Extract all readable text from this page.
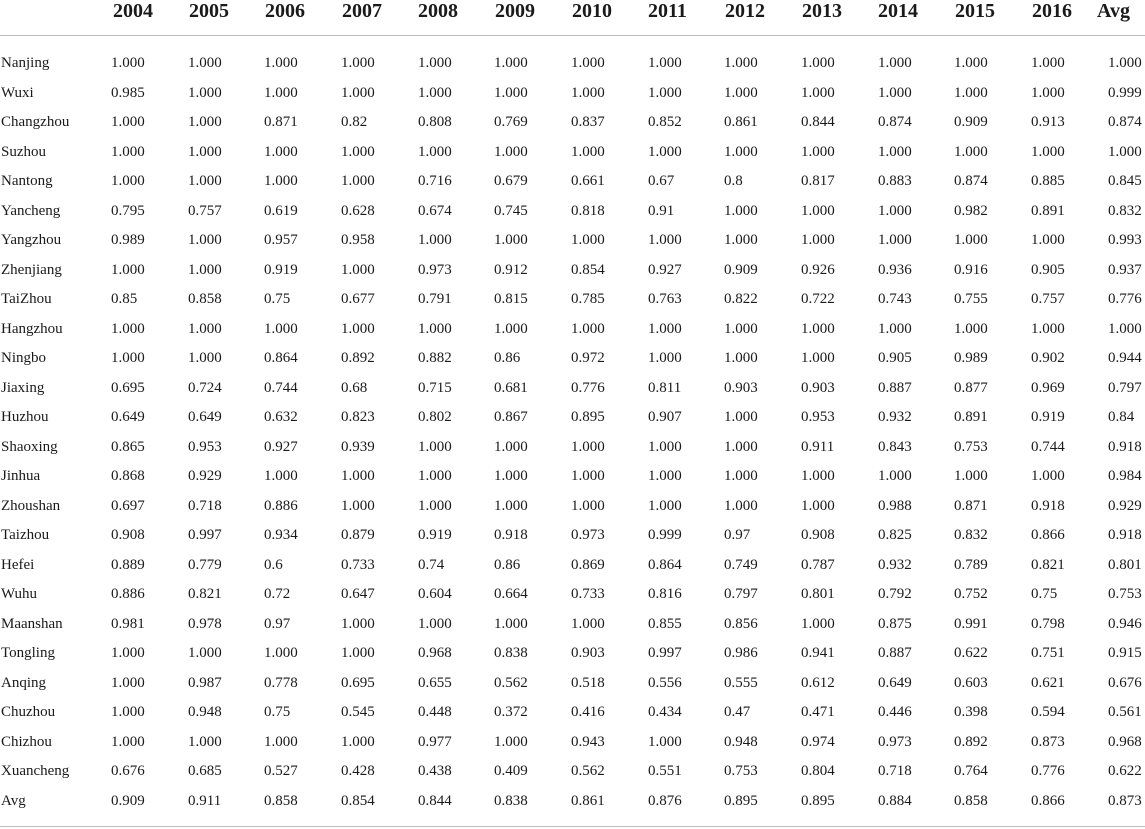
2004 2005 2006 2007 2008 2009 2010 2011 2012 2013 2014 2015 2016 Avg
Nanjing	1.000	1.000	1.000	1.000	1.000	1.000	1.000	1.000	1.000	1.000	1.000	1.000	1.000	1.000
Wuxi	0.985	1.000	1.000	1.000	1.000	1.000	1.000	1.000	1.000	1.000	1.000	1.000	1.000	0.999
Changzhou	1.000	1.000	0.871	0.82	0.808	0.769	0.837	0.852	0.861	0.844	0.874	0.909	0.913	0.874
Suzhou	1.000	1.000	1.000	1.000	1.000	1.000	1.000	1.000	1.000	1.000	1.000	1.000	1.000	1.000
Nantong	1.000	1.000	1.000	1.000	0.716	0.679	0.661	0.67	0.8	0.817	0.883	0.874	0.885	0.845
Yancheng	0.795	0.757	0.619	0.628	0.674	0.745	0.818	0.91	1.000	1.000	1.000	0.982	0.891	0.832
Yangzhou	0.989	1.000	0.957	0.958	1.000	1.000	1.000	1.000	1.000	1.000	1.000	1.000	1.000	0.993
Zhenjiang	1.000	1.000	0.919	1.000	0.973	0.912	0.854	0.927	0.909	0.926	0.936	0.916	0.905	0.937
TaiZhou	0.85	0.858	0.75	0.677	0.791	0.815	0.785	0.763	0.822	0.722	0.743	0.755	0.757	0.776
Hangzhou	1.000	1.000	1.000	1.000	1.000	1.000	1.000	1.000	1.000	1.000	1.000	1.000	1.000	1.000
Ningbo	1.000	1.000	0.864	0.892	0.882	0.86	0.972	1.000	1.000	1.000	0.905	0.989	0.902	0.944
Jiaxing	0.695	0.724	0.744	0.68	0.715	0.681	0.776	0.811	0.903	0.903	0.887	0.877	0.969	0.797
Huzhou	0.649	0.649	0.632	0.823	0.802	0.867	0.895	0.907	1.000	0.953	0.932	0.891	0.919	0.84
Shaoxing	0.865	0.953	0.927	0.939	1.000	1.000	1.000	1.000	1.000	0.911	0.843	0.753	0.744	0.918
Jinhua	0.868	0.929	1.000	1.000	1.000	1.000	1.000	1.000	1.000	1.000	1.000	1.000	1.000	0.984
Zhoushan	0.697	0.718	0.886	1.000	1.000	1.000	1.000	1.000	1.000	1.000	0.988	0.871	0.918	0.929
Taizhou	0.908	0.997	0.934	0.879	0.919	0.918	0.973	0.999	0.97	0.908	0.825	0.832	0.866	0.918
Hefei	0.889	0.779	0.6	0.733	0.74	0.86	0.869	0.864	0.749	0.787	0.932	0.789	0.821	0.801
Wuhu	0.886	0.821	0.72	0.647	0.604	0.664	0.733	0.816	0.797	0.801	0.792	0.752	0.75	0.753
Maanshan	0.981	0.978	0.97	1.000	1.000	1.000	1.000	0.855	0.856	1.000	0.875	0.991	0.798	0.946
Tongling	1.000	1.000	1.000	1.000	0.968	0.838	0.903	0.997	0.986	0.941	0.887	0.622	0.751	0.915
Anqing	1.000	0.987	0.778	0.695	0.655	0.562	0.518	0.556	0.555	0.612	0.649	0.603	0.621	0.676
Chuzhou	1.000	0.948	0.75	0.545	0.448	0.372	0.416	0.434	0.47	0.471	0.446	0.398	0.594	0.561
Chizhou	1.000	1.000	1.000	1.000	0.977	1.000	0.943	1.000	0.948	0.974	0.973	0.892	0.873	0.968
Xuancheng	0.676	0.685	0.527	0.428	0.438	0.409	0.562	0.551	0.753	0.804	0.718	0.764	0.776	0.622
Avg	0.909	0.911	0.858	0.854	0.844	0.838	0.861	0.876	0.895	0.895	0.884	0.858	0.866	0.873
